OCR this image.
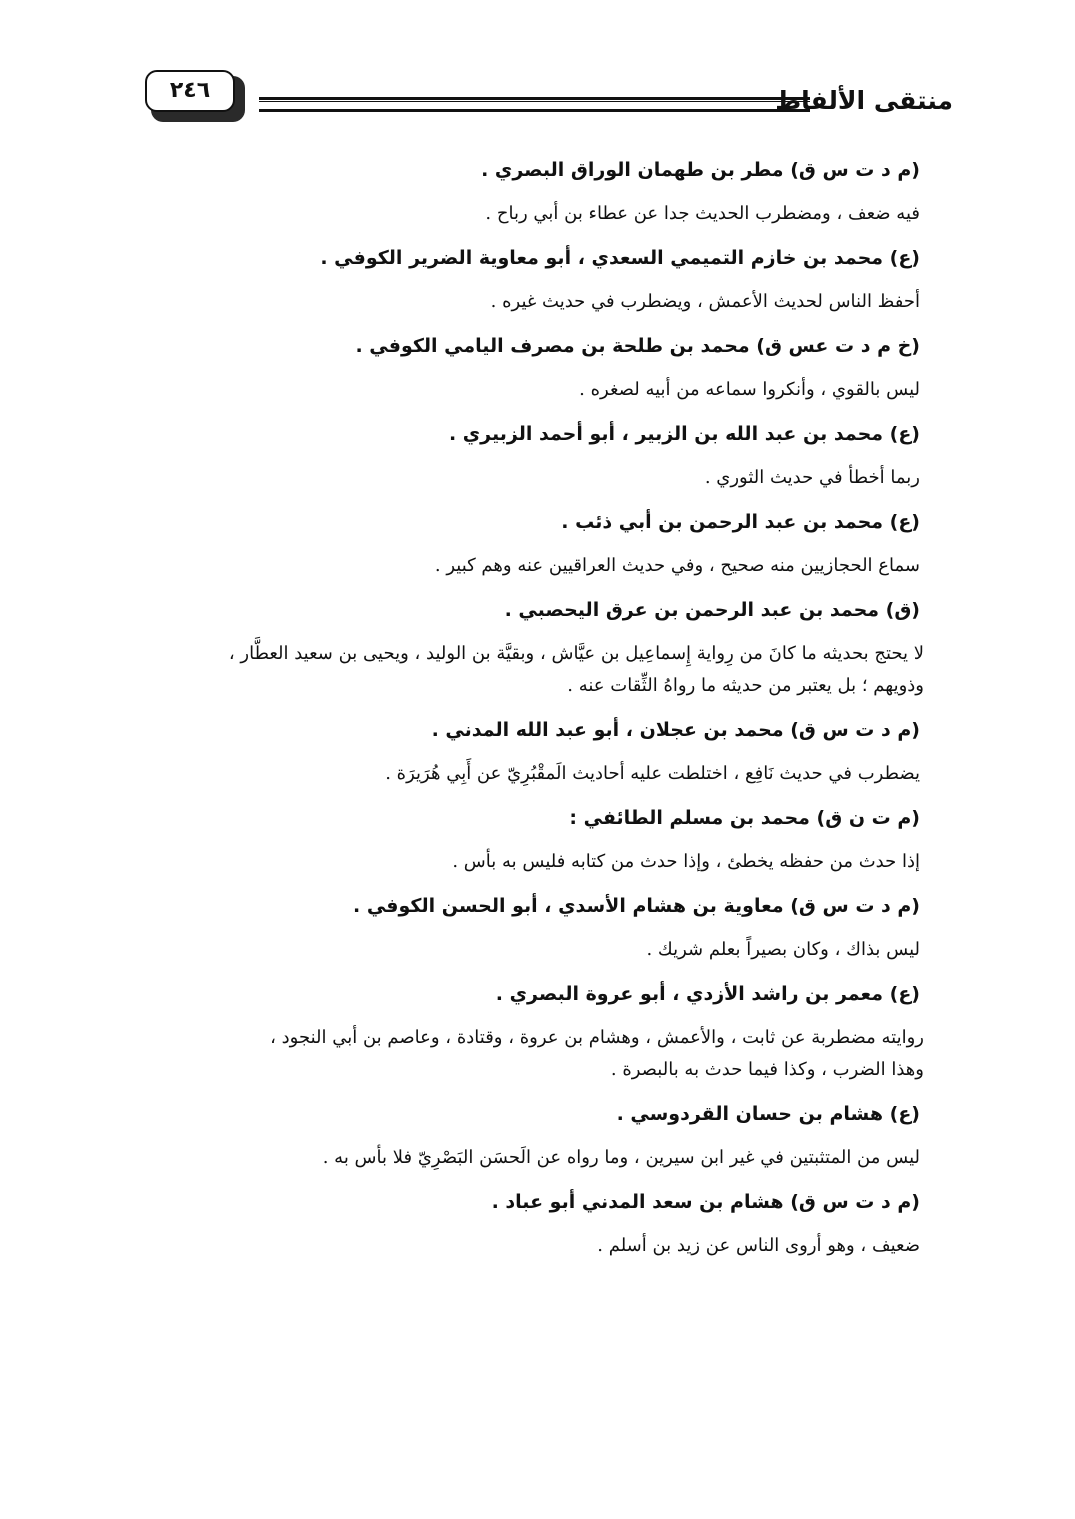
منتقى الألفاظ
٢٤٦
(م د ت س ق) مطر بن طهمان الوراق البصري .
فيه ضعف ، ومضطرب الحديث جدا عن عطاء بن أبي رباح .
(ع) محمد بن خازم التميمي السعدي ، أبو معاوية الضرير الكوفي .
أحفظ الناس لحديث الأعمش ، ويضطرب في حديث غيره .
(خ م د ت عس ق) محمد بن طلحة بن مصرف اليامي الكوفي .
ليس بالقوي ، وأنكروا سماعه من أبيه لصغره .
(ع) محمد بن عبد الله بن الزبير ، أبو أحمد الزبيري .
ربما أخطأ في حديث الثوري .
(ع) محمد بن عبد الرحمن بن أبي ذئب .
سماع الحجازيين منه صحيح ، وفي حديث العراقيين عنه وهم كبير .
(ق) محمد بن عبد الرحمن بن عرق اليحصبي .
لا يحتج بحديثه ما كانَ من رِواية إِسماعِيل بن عيَّاش ، وبقيَّة بن الوليد ، ويحيى بن سعيد العطَّار ،
وذويهم ؛ بل يعتبر من حديثه ما رواهُ الثِّقات عنه .
(م د ت س ق) محمد بن عجلان ، أبو عبد الله المدني .
يضطرب في حديث نَافِع ، اختلطت عليه أحاديث الَمقْبُرِيّ عن أَبِي هُرَيرَة .
(م ت ن ق) محمد بن مسلم الطائفي :
إذا حدث من حفظه يخطئ ، وإذا حدث من كتابه فليس به بأس .
(م د ت س ق) معاوية بن هشام الأسدي ، أبو الحسن الكوفي .
ليس بذاك ، وكان بصيراً بعلم شريك .
(ع) معمر بن راشد الأزدي ، أبو عروة البصري .
روايته مضطربة عن ثابت ، والأعمش ، وهشام بن عروة ، وقتادة ، وعاصم بن أبي النجود ،
وهذا الضرب ، وكذا فيما حدث به بالبصرة .
(ع) هشام بن حسان القردوسي .
ليس من المتثبتين في غير ابن سيرين ، وما رواه عن الَحسَن البَصْرِيّ فلا بأس به .
(م د ت س ق) هشام بن سعد المدني أبو عباد .
ضعيف ، وهو أروى الناس عن زيد بن أسلم .
